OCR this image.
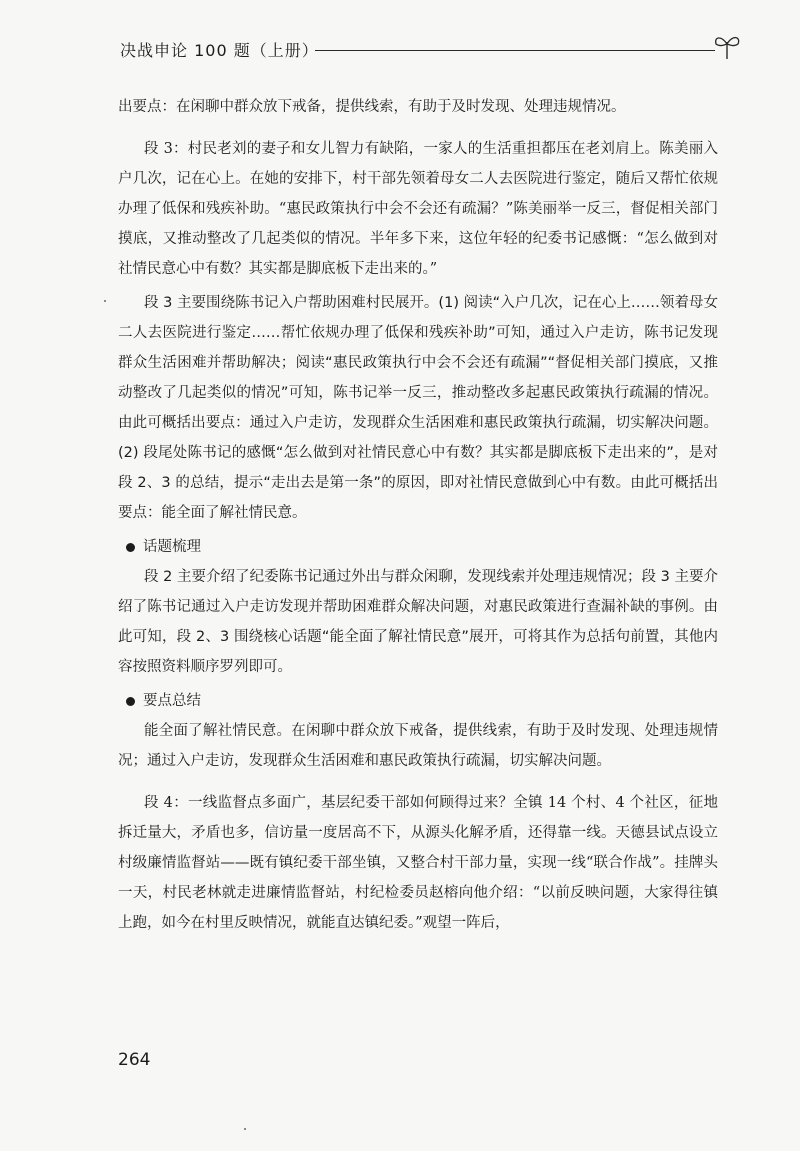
决战申论 100 题（上册）

出要点：在闲聊中群众放下戒备，提供线索，有助于及时发现、处理违规情况。

段 3：村民老刘的妻子和女儿智力有缺陷，一家人的生活重担都压在老刘肩上。陈美丽入户几次，记在心上。在她的安排下，村干部先领着母女二人去医院进行鉴定，随后又帮忙依规办理了低保和残疾补助。“惠民政策执行中会不会还有疏漏？”陈美丽举一反三，督促相关部门摸底，又推动整改了几起类似的情况。半年多下来，这位年轻的纪委书记感慨：“怎么做到对社情民意心中有数？其实都是脚底板下走出来的。”

段 3 主要围绕陈书记入户帮助困难村民展开。(1) 阅读“入户几次，记在心上……领着母女二人去医院进行鉴定……帮忙依规办理了低保和残疾补助”可知，通过入户走访，陈书记发现群众生活困难并帮助解决；阅读“惠民政策执行中会不会还有疏漏”“督促相关部门摸底，又推动整改了几起类似的情况”可知，陈书记举一反三，推动整改多起惠民政策执行疏漏的情况。由此可概括出要点：通过入户走访，发现群众生活困难和惠民政策执行疏漏，切实解决问题。(2) 段尾处陈书记的感慨“怎么做到对社情民意心中有数？其实都是脚底板下走出来的”，是对段 2、3 的总结，提示“走出去是第一条”的原因，即对社情民意做到心中有数。由此可概括出要点：能全面了解社情民意。

话题梳理

段 2 主要介绍了纪委陈书记通过外出与群众闲聊，发现线索并处理违规情况；段 3 主要介绍了陈书记通过入户走访发现并帮助困难群众解决问题，对惠民政策进行查漏补缺的事例。由此可知，段 2、3 围绕核心话题“能全面了解社情民意”展开，可将其作为总括句前置，其他内容按照资料顺序罗列即可。

要点总结

能全面了解社情民意。在闲聊中群众放下戒备，提供线索，有助于及时发现、处理违规情况；通过入户走访，发现群众生活困难和惠民政策执行疏漏，切实解决问题。

段 4：一线监督点多面广，基层纪委干部如何顾得过来？全镇 14 个村、4 个社区，征地拆迁量大，矛盾也多，信访量一度居高不下，从源头化解矛盾，还得靠一线。天德县试点设立村级廉情监督站——既有镇纪委干部坐镇，又整合村干部力量，实现一线“联合作战”。挂牌头一天，村民老林就走进廉情监督站，村纪检委员赵榕向他介绍：“以前反映问题，大家得往镇上跑，如今在村里反映情况，就能直达镇纪委。”观望一阵后，

264
